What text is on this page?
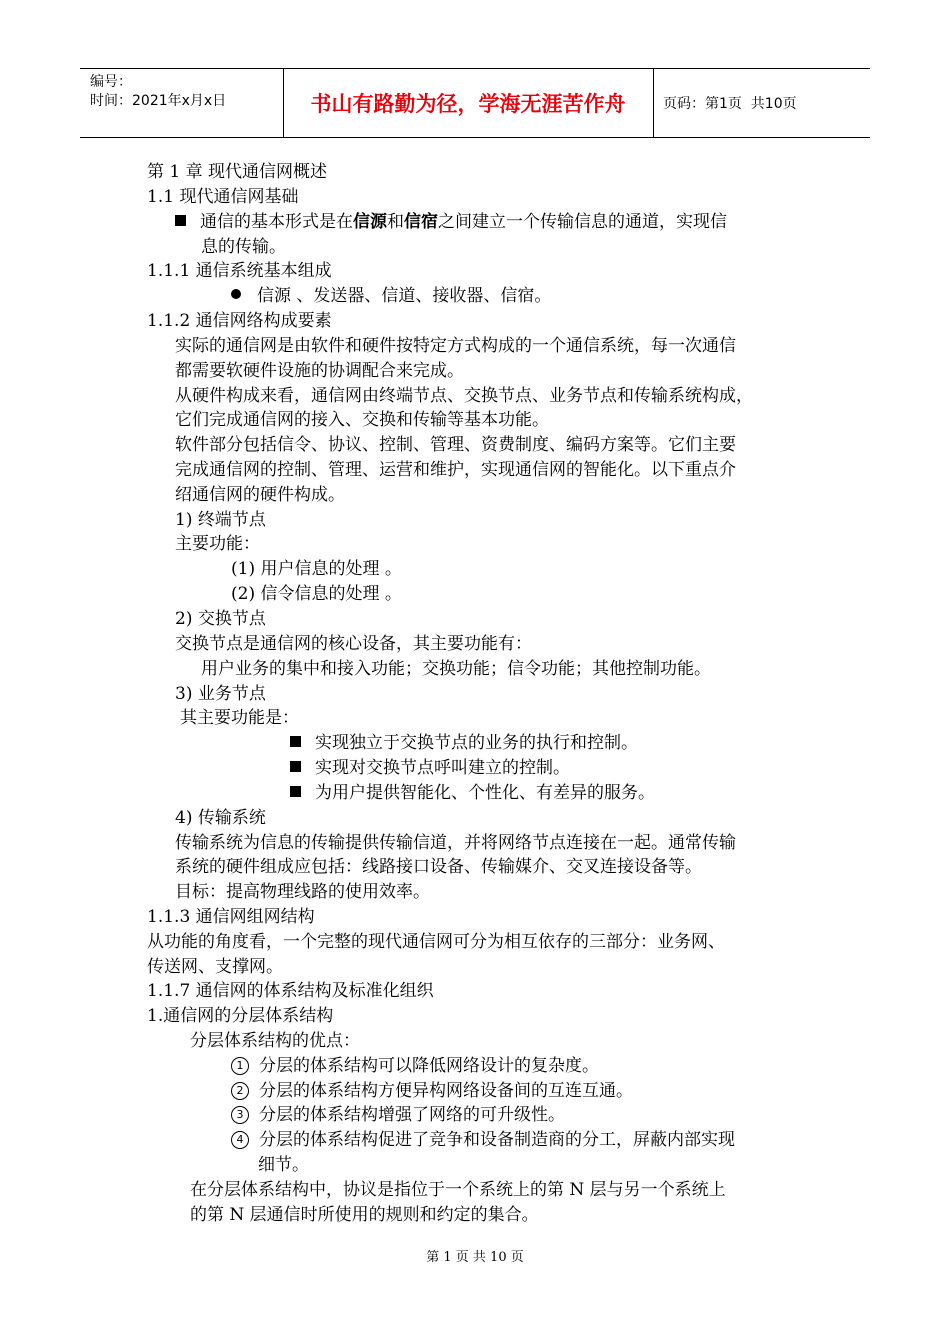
编号：
时间：2021年x月x日	书山有路勤为径，学海无涯苦作舟	页码：第1页  共10页
第 1 章 现代通信网概述
1.1 现代通信网基础
通信的基本形式是在信源和信宿之间建立一个传输信息的通道，实现信
息的传输。
1.1.1 通信系统基本组成
信源 、发送器、信道、接收器、信宿。
1.1.2 通信网络构成要素
实际的通信网是由软件和硬件按特定方式构成的一个通信系统，每一次通信
都需要软硬件设施的协调配合来完成。
从硬件构成来看，通信网由终端节点、交换节点、业务节点和传输系统构成，
它们完成通信网的接入、交换和传输等基本功能。
软件部分包括信令、协议、控制、管理、资费制度、编码方案等。它们主要
完成通信网的控制、管理、运营和维护，实现通信网的智能化。以下重点介
绍通信网的硬件构成。
1) 终端节点
主要功能：
(1) 用户信息的处理 。
(2) 信令信息的处理 。
2) 交换节点
交换节点是通信网的核心设备，其主要功能有：
用户业务的集中和接入功能；交换功能；信令功能；其他控制功能。
3) 业务节点
其主要功能是：
实现独立于交换节点的业务的执行和控制。
实现对交换节点呼叫建立的控制。
为用户提供智能化、个性化、有差异的服务。
4) 传输系统
传输系统为信息的传输提供传输信道，并将网络节点连接在一起。通常传输
系统的硬件组成应包括：线路接口设备、传输媒介、交叉连接设备等。
目标：提高物理线路的使用效率。
1.1.3 通信网组网结构
从功能的角度看，一个完整的现代通信网可分为相互依存的三部分：业务网、
传送网、支撑网。
1.1.7 通信网的体系结构及标准化组织
1.通信网的分层体系结构
分层体系结构的优点：
1 分层的体系结构可以降低网络设计的复杂度。
2 分层的体系结构方便异构网络设备间的互连互通。
3 分层的体系结构增强了网络的可升级性。
4 分层的体系结构促进了竞争和设备制造商的分工，屏蔽内部实现
细节。
在分层体系结构中，协议是指位于一个系统上的第 N 层与另一个系统上
的第 N 层通信时所使用的规则和约定的集合。
第 1 页 共 10 页
